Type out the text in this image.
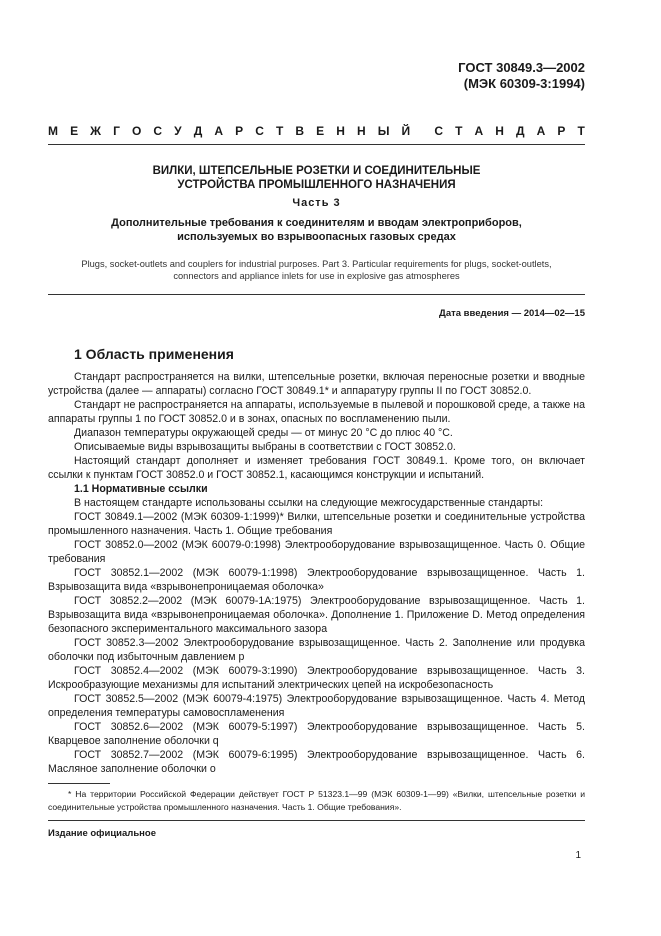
ГОСТ 30849.3—2002
(МЭК 60309-3:1994)
М Е Ж Г О С У Д А Р С Т В Е Н Н Ы Й С Т А Н Д А Р Т
ВИЛКИ, ШТЕПСЕЛЬНЫЕ РОЗЕТКИ И СОЕДИНИТЕЛЬНЫЕ
УСТРОЙСТВА ПРОМЫШЛЕННОГО НАЗНАЧЕНИЯ
Часть 3
Дополнительные требования к соединителям и вводам электроприборов,
используемых во взрывоопасных газовых средах
Plugs, socket-outlets and couplers for industrial purposes. Part 3. Particular requirements for plugs, socket-outlets,
connectors and appliance inlets for use in explosive gas atmospheres
Дата введения — 2014—02—15
1 Область применения

Стандарт распространяется на вилки, штепсельные розетки, включая переносные розетки и вводные устройства (далее — аппараты) согласно ГОСТ 30849.1* и аппаратуру группы II по ГОСТ 30852.0.

Стандарт не распространяется на аппараты, используемые в пылевой и порошковой среде, а также на аппараты группы 1 по ГОСТ 30852.0 и в зонах, опасных по воспламенению пыли.

Диапазон температуры окружающей среды — от минус 20 °С до плюс 40 °С.

Описываемые виды взрывозащиты выбраны в соответствии с ГОСТ 30852.0.

Настоящий стандарт дополняет и изменяет требования ГОСТ 30849.1. Кроме того, он включает ссылки к пунктам ГОСТ 30852.0 и ГОСТ 30852.1, касающимся конструкции и испытаний.

1.1 Нормативные ссылки

В настоящем стандарте использованы ссылки на следующие межгосударственные стандарты:

ГОСТ 30849.1—2002 (МЭК 60309-1:1999)* Вилки, штепсельные розетки и соединительные устройства промышленного назначения. Часть 1. Общие требования

ГОСТ 30852.0—2002 (МЭК 60079-0:1998) Электрооборудование взрывозащищенное. Часть 0. Общие требования

ГОСТ 30852.1—2002 (МЭК 60079-1:1998) Электрооборудование взрывозащищенное. Часть 1. Взрывозащита вида «взрывонепроницаемая оболочка»

ГОСТ 30852.2—2002 (МЭК 60079-1А:1975) Электрооборудование взрывозащищенное. Часть 1. Взрывозащита вида «взрывонепроницаемая оболочка». Дополнение 1. Приложение D. Метод определения безопасного экспериментального максимального зазора

ГОСТ 30852.3—2002 Электрооборудование взрывозащищенное. Часть 2. Заполнение или продувка оболочки под избыточным давлением p

ГОСТ 30852.4—2002 (МЭК 60079-3:1990) Электрооборудование взрывозащищенное. Часть 3. Искрообразующие механизмы для испытаний электрических цепей на искробезопасность

ГОСТ 30852.5—2002 (МЭК 60079-4:1975) Электрооборудование взрывозащищенное. Часть 4. Метод определения температуры самовоспламенения

ГОСТ 30852.6—2002 (МЭК 60079-5:1997) Электрооборудование взрывозащищенное. Часть 5. Кварцевое заполнение оболочки q

ГОСТ 30852.7—2002 (МЭК 60079-6:1995) Электрооборудование взрывозащищенное. Часть 6. Масляное заполнение оболочки о

* На территории Российской Федерации действует ГОСТ Р 51323.1—99 (МЭК 60309-1—99) «Вилки, штепсельные розетки и соединительные устройства промышленного назначения. Часть 1. Общие требования».
Издание официальное
1
